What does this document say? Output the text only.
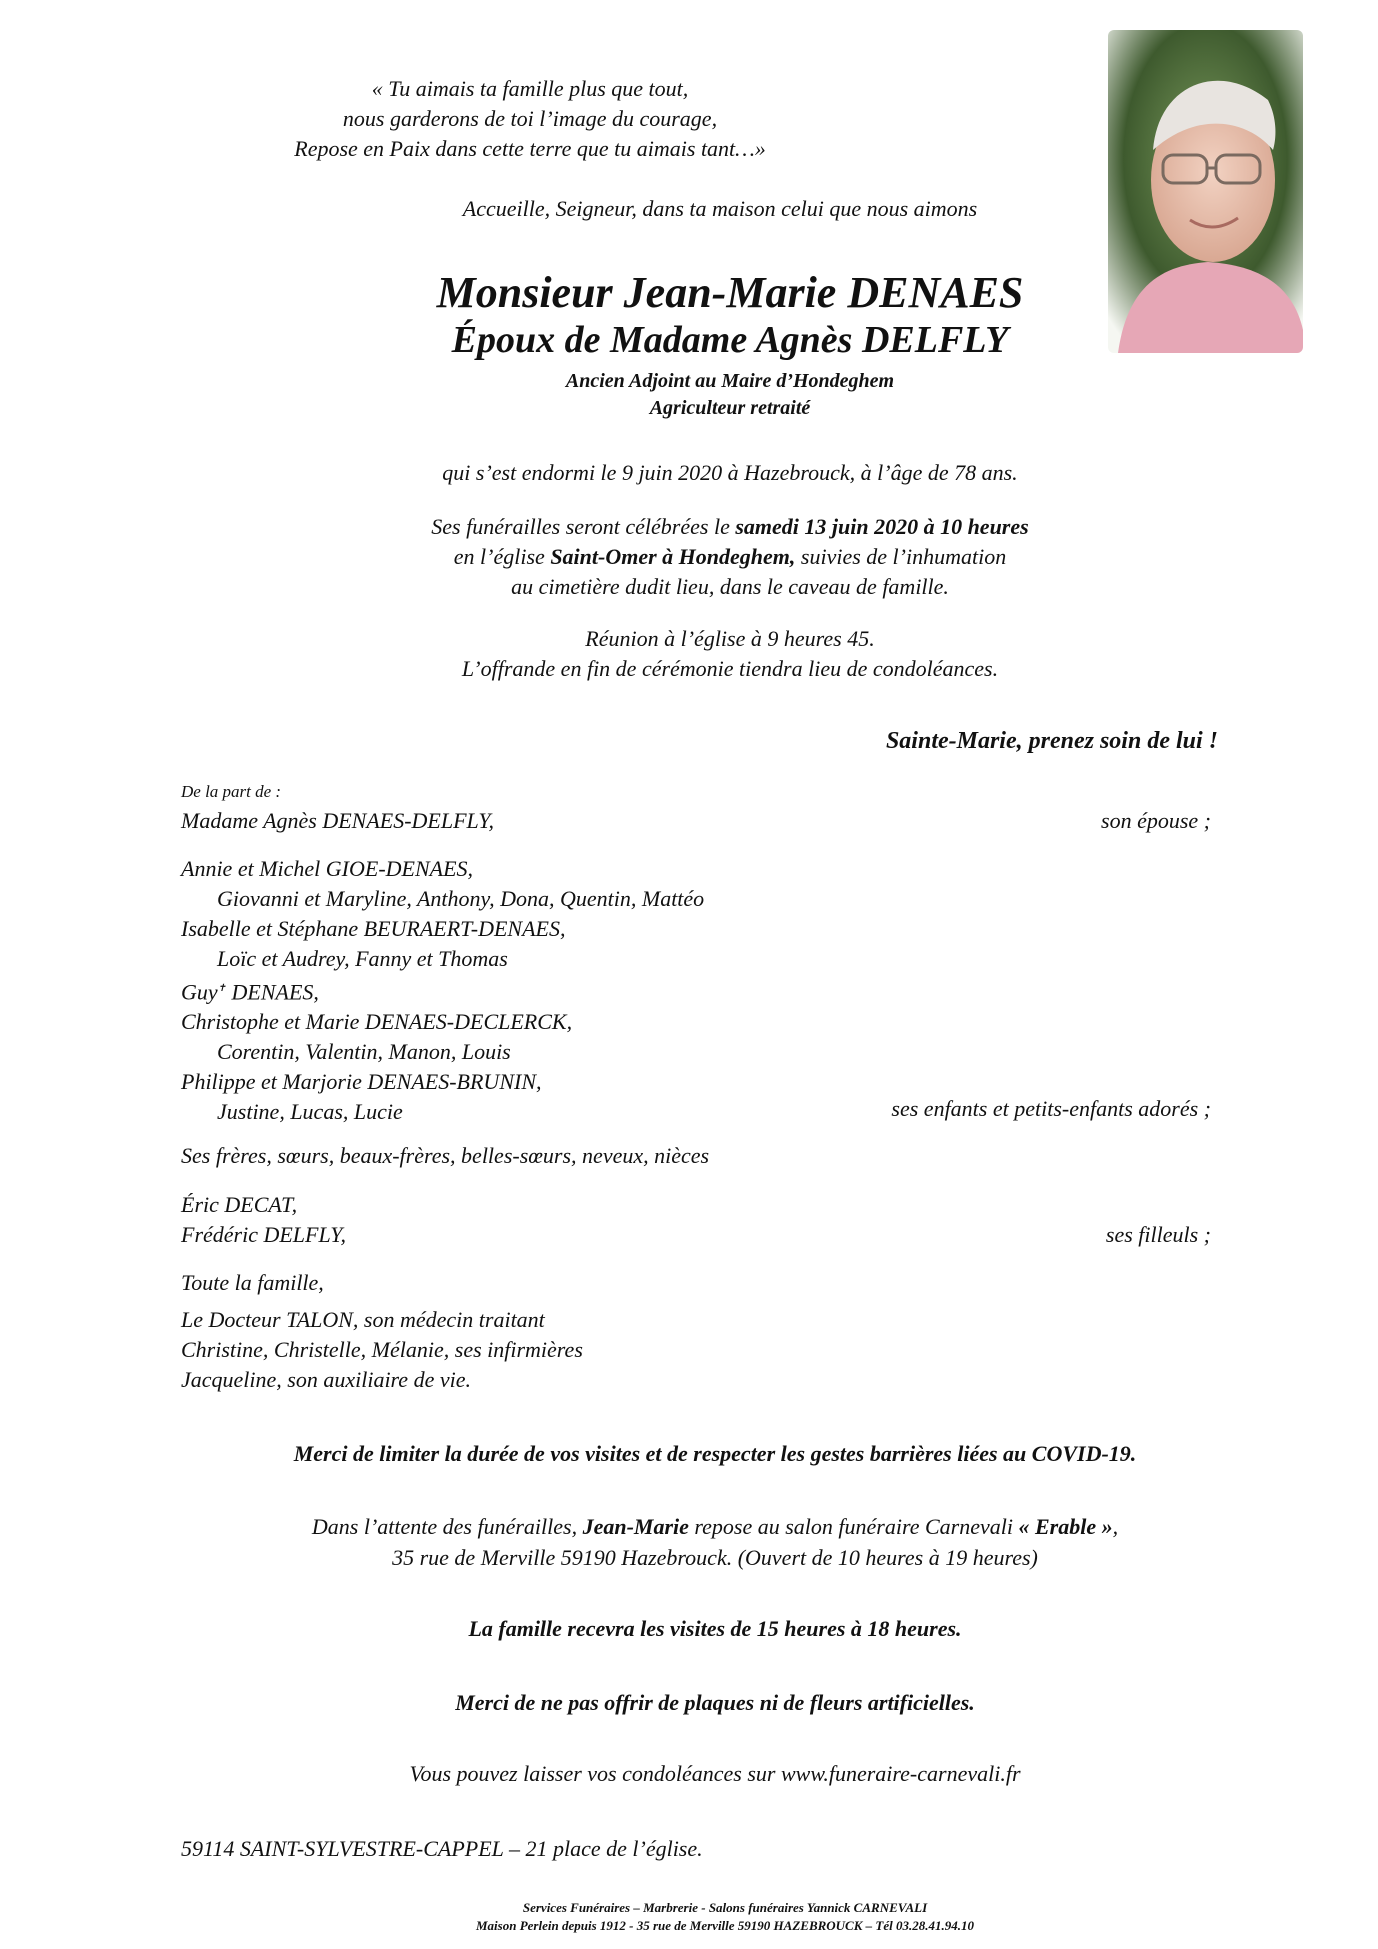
« Tu aimais ta famille plus que tout,
nous garderons de toi l’image du courage,
Repose en Paix dans cette terre que tu aimais tant…»
Accueille, Seigneur, dans ta maison celui que nous aimons
Monsieur Jean-Marie DENAES
Époux de Madame Agnès DELFLY
Ancien Adjoint au Maire d’Hondeghem
Agriculteur retraité
qui s’est endormi le 9 juin 2020 à Hazebrouck, à l’âge de 78 ans.
Ses funérailles seront célébrées le samedi 13 juin 2020 à 10 heures
en l’église Saint-Omer à Hondeghem, suivies de l’inhumation
au cimetière dudit lieu, dans le caveau de famille.
Réunion à l’église à 9 heures 45.
L’offrande en fin de cérémonie tiendra lieu de condoléances.
Sainte-Marie, prenez soin de lui !
De la part de :
Madame Agnès DENAES-DELFLY,	son épouse ;
Annie et Michel GIOE-DENAES,
Giovanni et Maryline, Anthony, Dona, Quentin, Mattéo
Isabelle et Stéphane BEURAERT-DENAES,
Loïc et Audrey, Fanny et Thomas
Guy✝ DENAES,
Christophe et Marie DENAES-DECLERCK,
Corentin, Valentin, Manon, Louis
Philippe et Marjorie DENAES-BRUNIN,
Justine, Lucas, Lucie	ses enfants et petits-enfants adorés ;
Ses frères, sœurs, beaux-frères, belles-sœurs, neveux, nièces
Éric DECAT,
Frédéric DELFLY,	ses filleuls ;
Toute la famille,
Le Docteur TALON, son médecin traitant
Christine, Christelle, Mélanie, ses infirmières
Jacqueline, son auxiliaire de vie.
Merci de limiter la durée de vos visites et de respecter les gestes barrières liées au COVID-19.
Dans l’attente des funérailles, Jean-Marie repose au salon funéraire Carnevali « Erable »,
35 rue de Merville 59190 Hazebrouck. (Ouvert de 10 heures à 19 heures)
La famille recevra les visites de 15 heures à 18 heures.
Merci de ne pas offrir de plaques ni de fleurs artificielles.
Vous pouvez laisser vos condoléances sur www.funeraire-carnevali.fr
59114 SAINT-SYLVESTRE-CAPPEL – 21 place de l’église.
Services Funéraires – Marbrerie - Salons funéraires Yannick CARNEVALI
Maison Perlein depuis 1912 - 35 rue de Merville 59190 HAZEBROUCK – Tél 03.28.41.94.10
